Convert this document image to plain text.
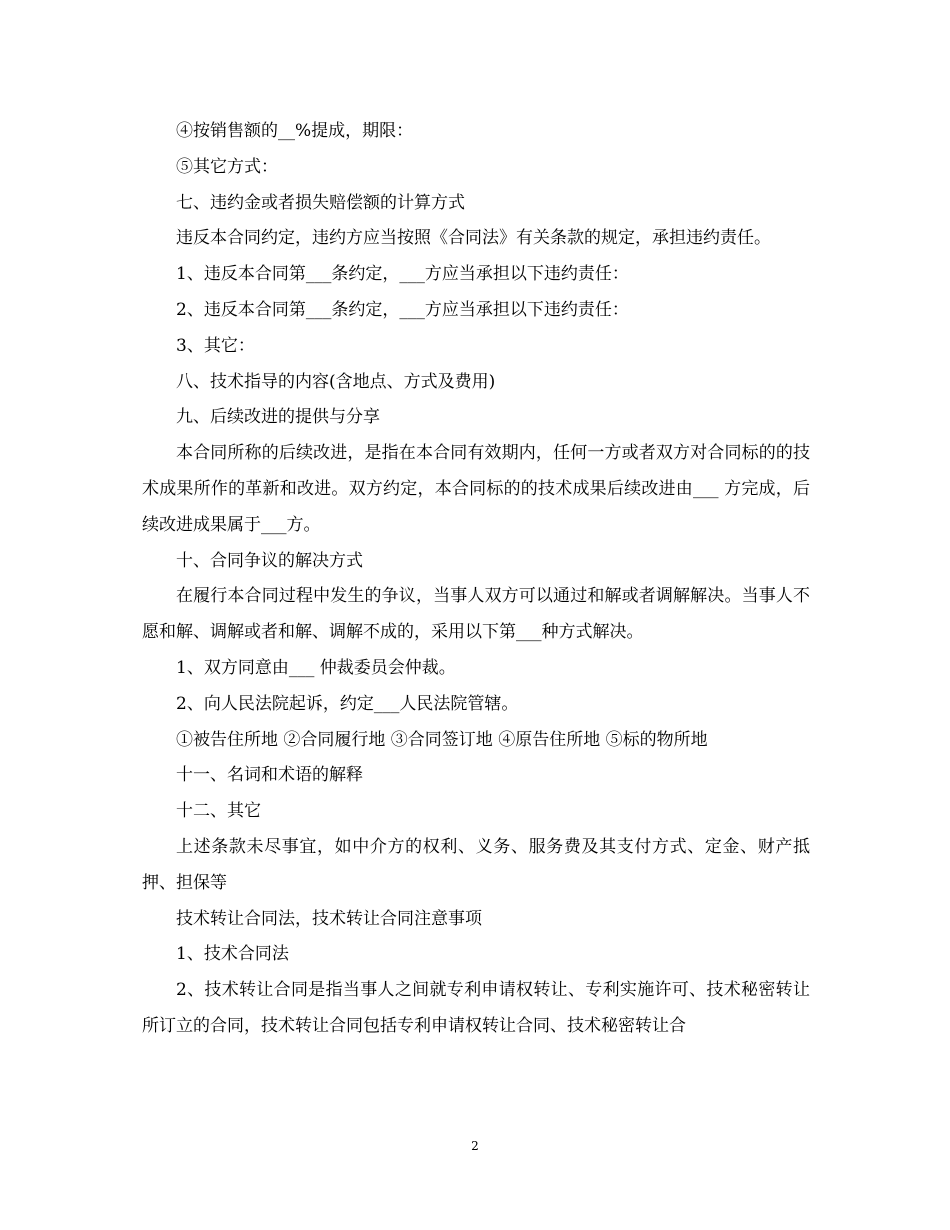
④按销售额的__%提成，期限：

⑤其它方式：

七、违约金或者损失赔偿额的计算方式

违反本合同约定，违约方应当按照《合同法》有关条款的规定，承担违约责任。

1、违反本合同第___条约定，___方应当承担以下违约责任：

2、违反本合同第___条约定，___方应当承担以下违约责任：

3、其它：

八、技术指导的内容(含地点、方式及费用)

九、后续改进的提供与分享

本合同所称的后续改进，是指在本合同有效期内，任何一方或者双方对合同标的的技术成果所作的革新和改进。双方约定，本合同标的的技术成果后续改进由___ 方完成，后续改进成果属于___方。

十、合同争议的解决方式

在履行本合同过程中发生的争议，当事人双方可以通过和解或者调解解决。当事人不愿和解、调解或者和解、调解不成的，采用以下第___种方式解决。

1、双方同意由___ 仲裁委员会仲裁。

2、向人民法院起诉，约定___人民法院管辖。

①被告住所地 ②合同履行地 ③合同签订地 ④原告住所地 ⑤标的物所地

十一、名词和术语的解释

十二、其它

上述条款未尽事宜，如中介方的权利、义务、服务费及其支付方式、定金、财产抵押、担保等

技术转让合同法，技术转让合同注意事项

1、技术合同法

2、技术转让合同是指当事人之间就专利申请权转让、专利实施许可、技术秘密转让所订立的合同，技术转让合同包括专利申请权转让合同、技术秘密转让合

2
